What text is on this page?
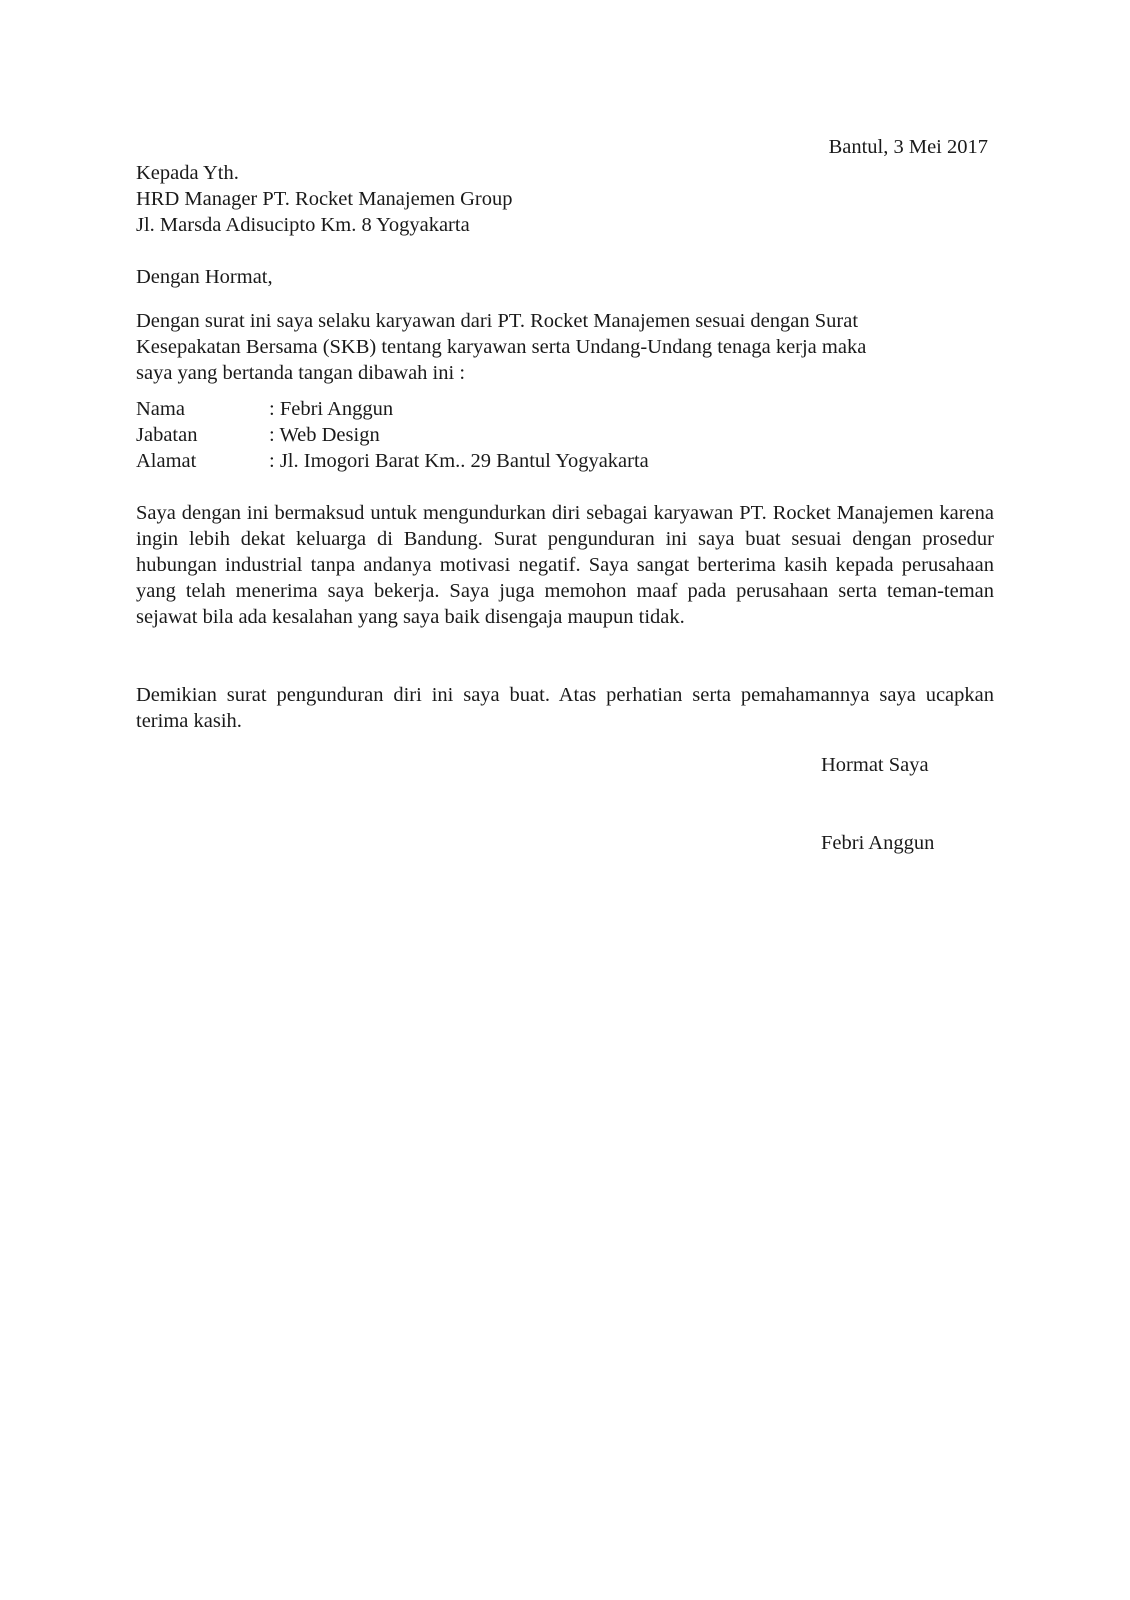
Bantul, 3 Mei 2017
Kepada Yth.
HRD Manager PT. Rocket Manajemen Group
Jl. Marsda Adisucipto Km. 8 Yogyakarta
Dengan Hormat,
Dengan surat ini saya selaku karyawan dari PT. Rocket Manajemen sesuai dengan Surat
Kesepakatan Bersama (SKB) tentang karyawan serta Undang-Undang tenaga kerja maka
saya yang bertanda tangan dibawah ini :
Nama	: Febri Anggun
Jabatan	: Web Design
Alamat	: Jl. Imogori Barat Km.. 29 Bantul Yogyakarta
Saya dengan ini bermaksud untuk mengundurkan diri sebagai karyawan PT. Rocket Manajemen karena ingin lebih dekat keluarga di Bandung. Surat pengunduran ini saya buat sesuai dengan prosedur hubungan industrial tanpa andanya motivasi negatif. Saya sangat berterima kasih kepada perusahaan yang telah menerima saya bekerja. Saya juga memohon maaf pada perusahaan serta teman-teman sejawat bila ada kesalahan yang saya baik disengaja maupun tidak.
Demikian surat pengunduran diri ini saya buat. Atas perhatian serta pemahamannya saya ucapkan terima kasih.
Hormat Saya
Febri Anggun
